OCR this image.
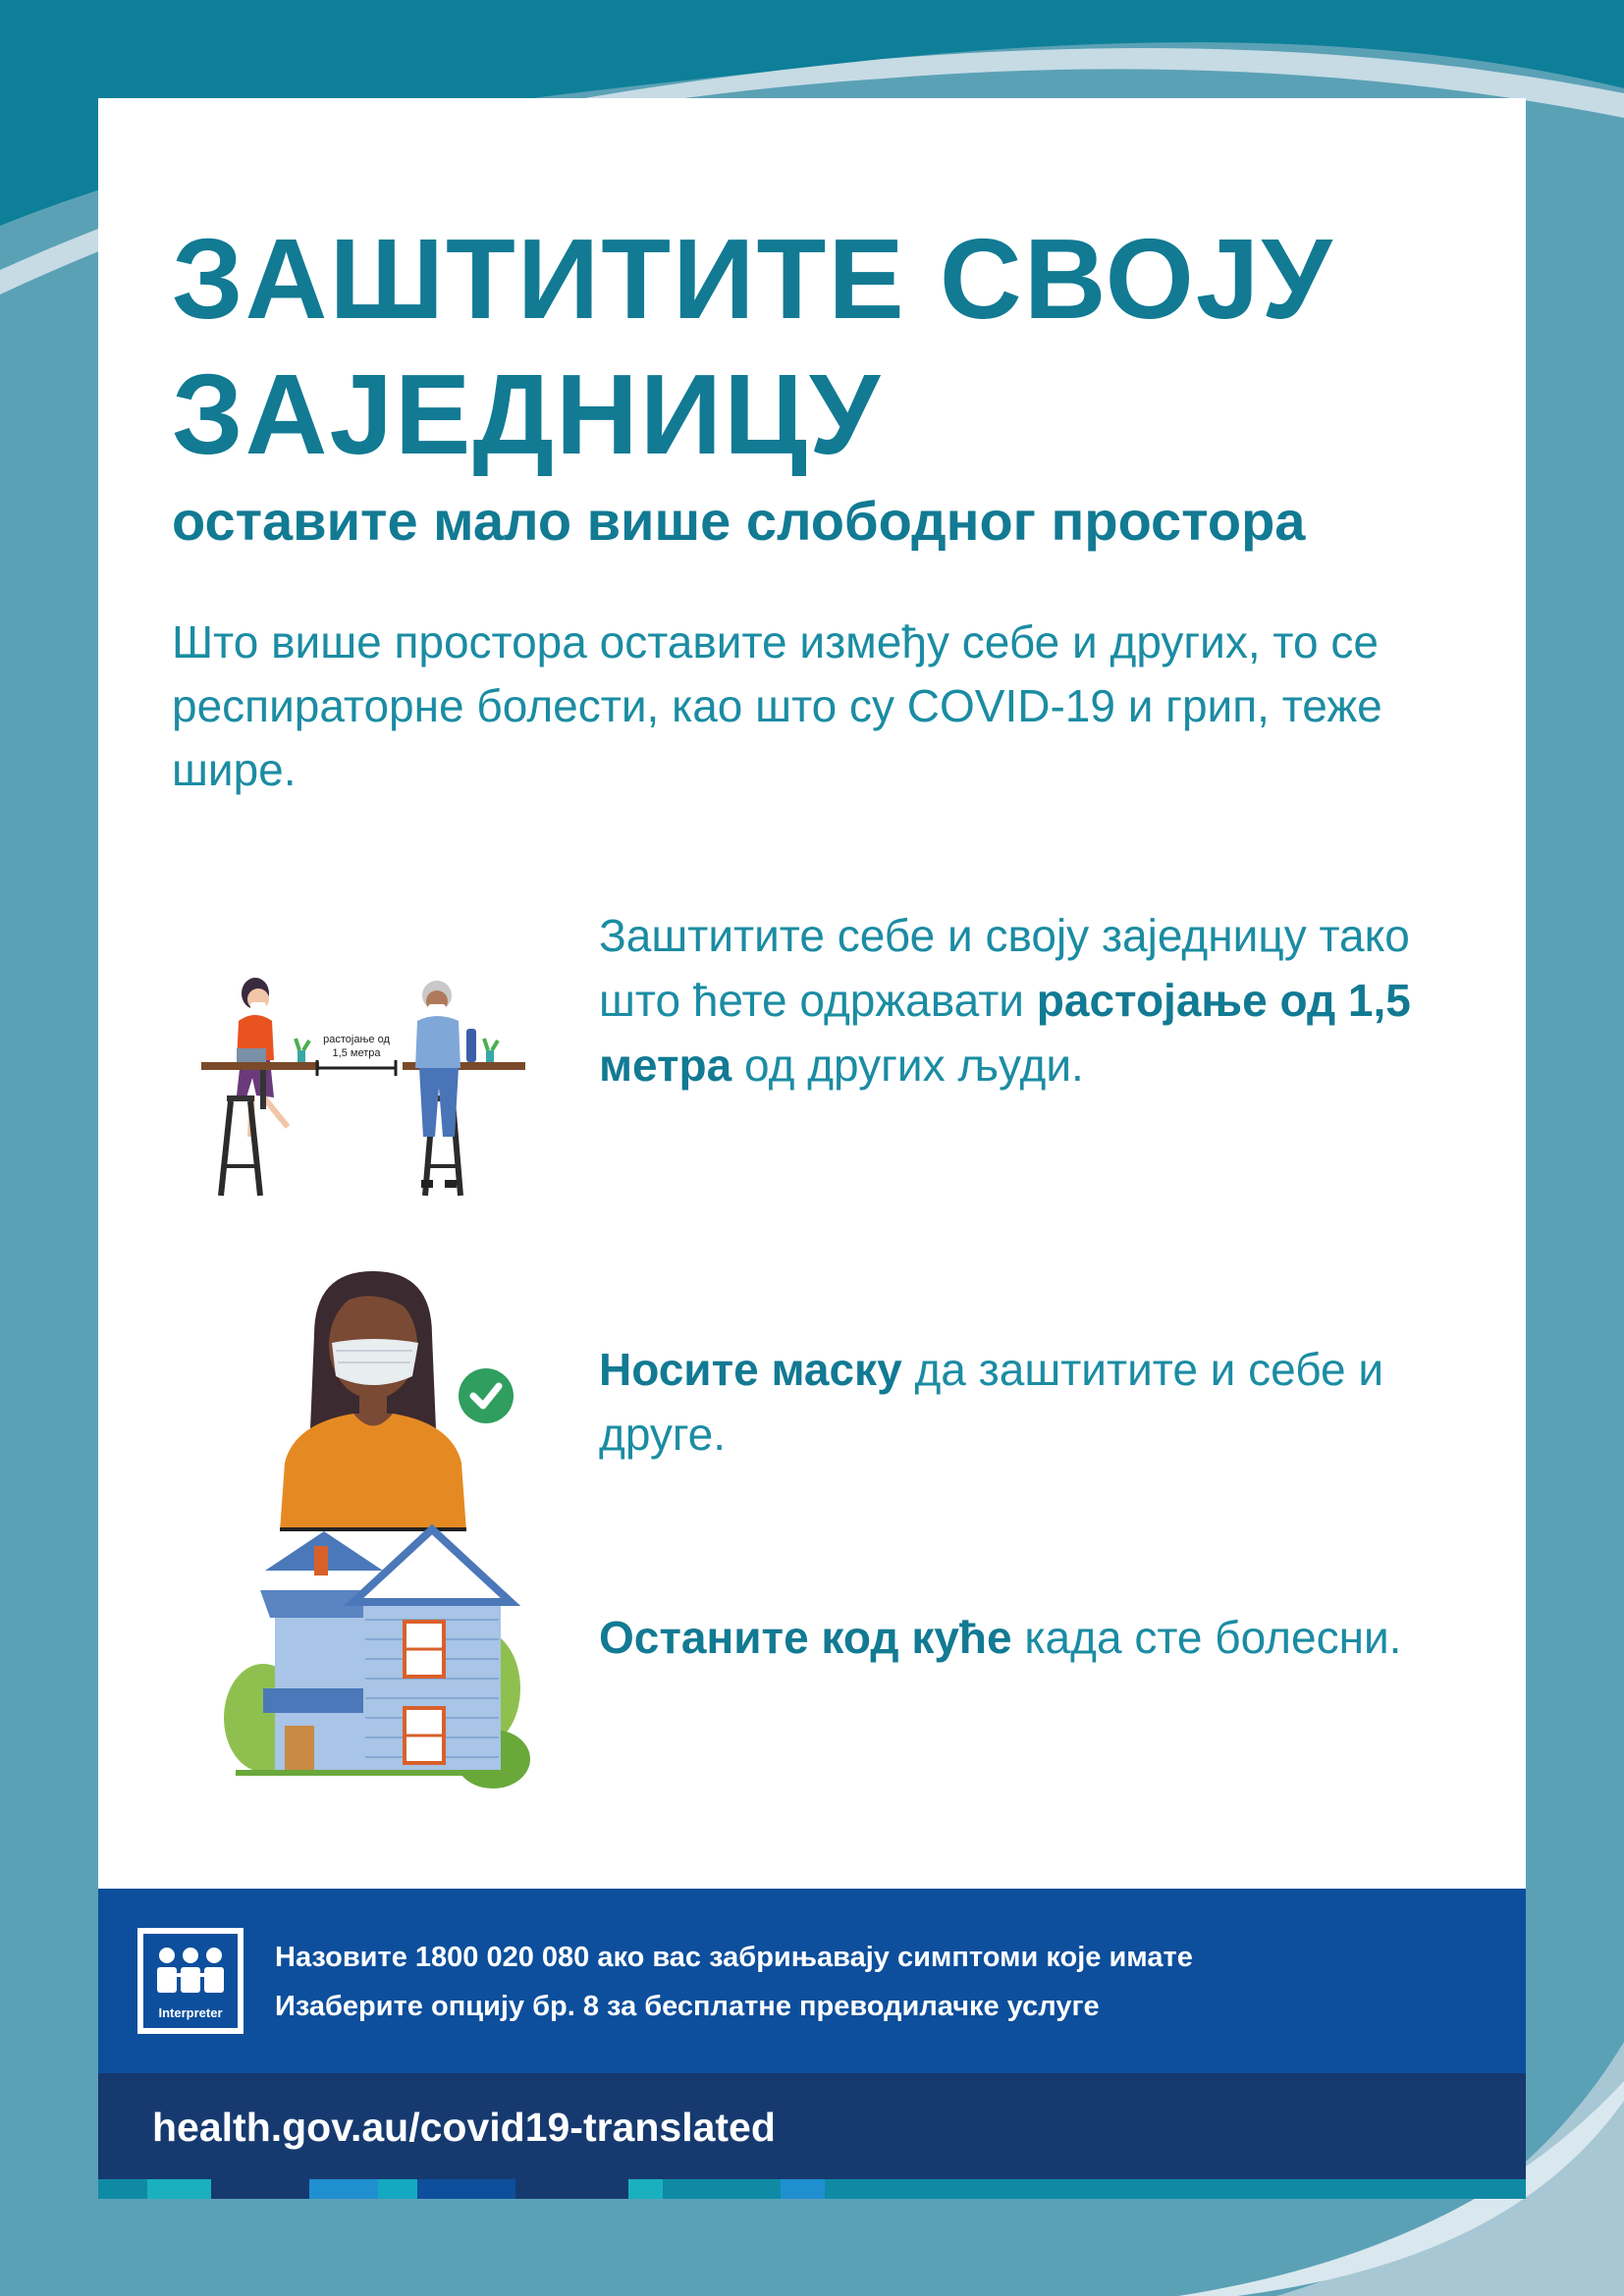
ЗАШТИТИТЕ СВОЈУ
ЗАЈЕДНИЦУ
оставите мало више слободног простора

Што више простора оставите између себе и других, то се респираторне болести, као што су COVID-19 и грип, теже шире.

растојање од
1,5 метра

Заштитите себе и своју заједницу тако што ћете одржавати растојање од 1,5 метра од других људи.

Носите маску да заштитите и себе и друге.

Останите код куће када сте болесни.

Interpreter
Назовите 1800 020 080 ако вас забрињавају симптоми које имате
Изаберите опцију бр. 8 за бесплатне преводилачке услуге
health.gov.au/covid19-translated
